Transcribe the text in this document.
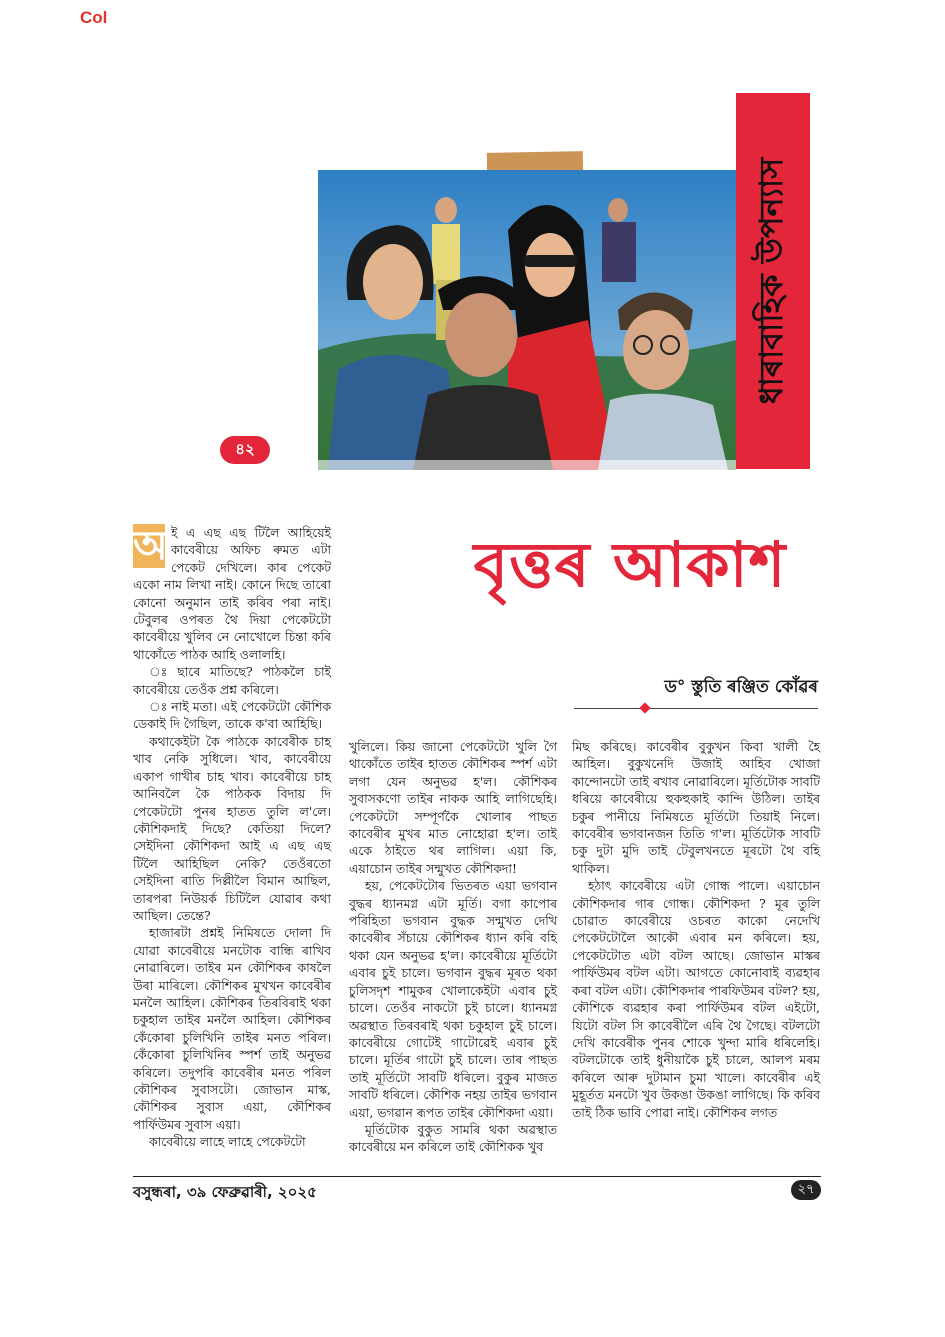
Col
ধাৰাবাহিক উপন্যাস
৪২
বৃত্তৰ আকাশ
ড° স্তুতি ৰঞ্জিত কোঁৱৰ

আ
ই এ এছ এছ টিলৈ আহিয়েই কাবেৰীয়ে অফিচ ৰুমত এটা পেকেট দেখিলে। কাৰ পেকেট একো নাম লিখা নাই। কোনে দিছে তাৰো কোনো অনুমান তাই কৰিব পৰা নাই। টেবুলৰ ওপৰত থৈ দিয়া পেকেটটো কাবেৰীয়ে খুলিব নে নোখোলে চিন্তা কৰি থাকোঁতে পাঠক আহি ওলালহি।

ঃ ছাৰে মাতিছে? পাঠকলৈ চাই কাবেৰীয়ে তেওঁক প্ৰশ্ন কৰিলে।

ঃ নাই মতা। এই পেকেটটো কৌশিক ডেকাই দি গৈছিল, তাকে ক'বা আহিছি।

কথাকেইটা কৈ পাঠকে কাবেৰীক চাহ খাব নেকি সুধিলে। খাব, কাবেৰীয়ে একাপ গাখীৰ চাহ খাব। কাবেৰীয়ে চাহ আনিবলৈ কৈ পাঠকক বিদায় দি পেকেটটো পুনৰ হাতত তুলি ল'লে। কৌশিকদাই দিছে? কেতিয়া দিলে? সেইদিনা কৌশিকদা আই এ এছ এছ টিলৈ আহিছিল নেকি? তেওঁৰতো সেইদিনা ৰাতি দিল্লীলৈ বিমান আছিল, তাৰপৰা নিউয়ৰ্ক চিটিলৈ যোৱাৰ কথা আছিল। তেন্তে?

হাজাৰটা প্ৰশ্নই নিমিষতে দোলা দি যোৱা কাবেৰীয়ে মনটোক বান্ধি ৰাখিব নোৱাৰিলে। তাইৰ মন কৌশিকৰ কাষলৈ উৰা মাৰিলে। কৌশিকৰ মুখখন কাবেৰীৰ মনলৈ আহিল। কৌশিকৰ তিৰবিৰাই থকা চকুহাল তাইৰ মনলৈ আহিল। কৌশিকৰ কেঁকোৰা চুলিখিনি তাইৰ মনত পৰিল। কেঁকোৰা চুলিখিনিৰ স্পৰ্শ তাই অনুভৱ কৰিলে। তদুপৰি কাবেৰীৰ মনত পৰিল কৌশিকৰ সুবাসটো। জোভান মাস্ক, কৌশিকৰ সুবাস এয়া, কৌশিকৰ পাৰ্ফিউমৰ সুবাস এয়া।

কাবেৰীয়ে লাহে লাহে পেকেটটো

খুলিলে। কিয় জানো পেকেটটো খুলি গৈ থাকোঁতে তাইৰ হাতত কৌশিকৰ স্পৰ্শ এটা লগা যেন অনুভৱ হ'ল। কৌশিকৰ সুবাসকণো তাইৰ নাকক আহি লাগিছেহি। পেকেটটো সম্পূৰ্ণকৈ খোলাৰ পাছত কাবেৰীৰ মুখৰ মাত নোহোৱা হ'ল। তাই একে ঠাইতে থৰ লাগিল। এয়া কি, এয়াচোন তাইৰ সন্মুখত কৌশিকদা!

হয়, পেকেটটোৰ ভিতৰত এয়া ভগবান বুদ্ধৰ ধ্যানমগ্ন এটা মূৰ্তি। বগা কাপোৰ পৰিহিতা ভগবান বুদ্ধক সন্মুখত দেখি কাবেৰীৰ সঁচায়ে কৌশিকৰ ধ্যান কৰি বহি থকা যেন অনুভৱ হ'ল। কাবেৰীয়ে মূৰ্তিটো এবাৰ চুই চালে। ভগবান বুদ্ধৰ মূৰত থকা চুলিসদৃশ শামুকৰ খোলাকেইটা এবাৰ চুই চালে। তেওঁৰ নাকটো চুই চালে। ধ্যানমগ্ন অৱস্থাত তিৰবৰাই থকা চকুহাল চুই চালে। কাবেৰীয়ে গোটেই গাটোৱেই এবাৰ চুই চালে। মূৰ্তিৰ গাটো চুই চালে। তাৰ পাছত তাই মূৰ্তিটো সাবটি ধৰিলে। বুকুৰ মাজত সাবটি ধৰিলে। কৌশিক নহয় তাইৰ ভগবান এয়া, ভগৱান ৰূপত তাইৰ কৌশিকদা এয়া।

মূৰ্তিটোক বুকুত সামৰি থকা অৱস্থাত কাবেৰীয়ে মন কৰিলে তাই কৌশিকক খুব

মিছ কৰিছে। কাবেৰীৰ বুকুখন কিবা খালী হৈ আহিল। বুকুখনেদি উজাই আহিব খোজা কান্দোনটো তাই ৰখাব নোৱাৰিলে। মূৰ্তিটোক সাবটি ধৰিয়ে কাবেৰীয়ে হুকহুকাই কান্দি উঠিল। তাইৰ চকুৰ পানীয়ে নিমিষতে মূৰ্তিটো তিয়াই নিলে। কাবেৰীৰ ভগবানজন তিতি গ'ল। মূৰ্তিটোক সাবটি চকু দুটা মুদি তাই টেবুলখনতে মূৰটো থৈ বহি থাকিল।

হঠাৎ কাবেৰীয়ে এটা গোন্ধ পালে। এয়াচোন কৌশিকদাৰ গাৰ গোন্ধ। কৌশিকদা ? মূৰ তুলি চোৱাত কাবেৰীয়ে ওচৰত কাকো নেদেখি পেকেটটোলৈ আকৌ এবাৰ মন কৰিলে। হয়, পেকেটটোত এটা বটল আছে। জোভান মাস্কৰ পাৰ্ফিউমৰ বটল এটা। আগতে কোনোবাই ব্যৱহাৰ কৰা বটল এটা। কৌশিকদাৰ পাৰফিউমৰ বটল? হয়, কৌশিকে ব্যৱহাৰ কৰা পাৰ্ফিউমৰ বটল এইটো, যিটো বটল সি কাবেৰীলৈ এৰি থৈ গৈছে। বটলটো দেখি কাবেৰীক পুনৰ শোকে খুন্দা মাৰি ধৰিলেহি। বটলটোকে তাই ধুনীয়াকৈ চুই চালে, আলপ মৰম কৰিলে আৰু দুটামান চুমা খালে। কাবেৰীৰ এই মুহূৰ্তত মনটো খুব উকঙা উকঙা লাগিছে। কি কৰিব তাই ঠিক ভাবি পোৱা নাই। কৌশিকৰ লগত

বসুন্ধৰা, ৩৯ ফেব্ৰুৱাৰী, ২০২৫	২৭
